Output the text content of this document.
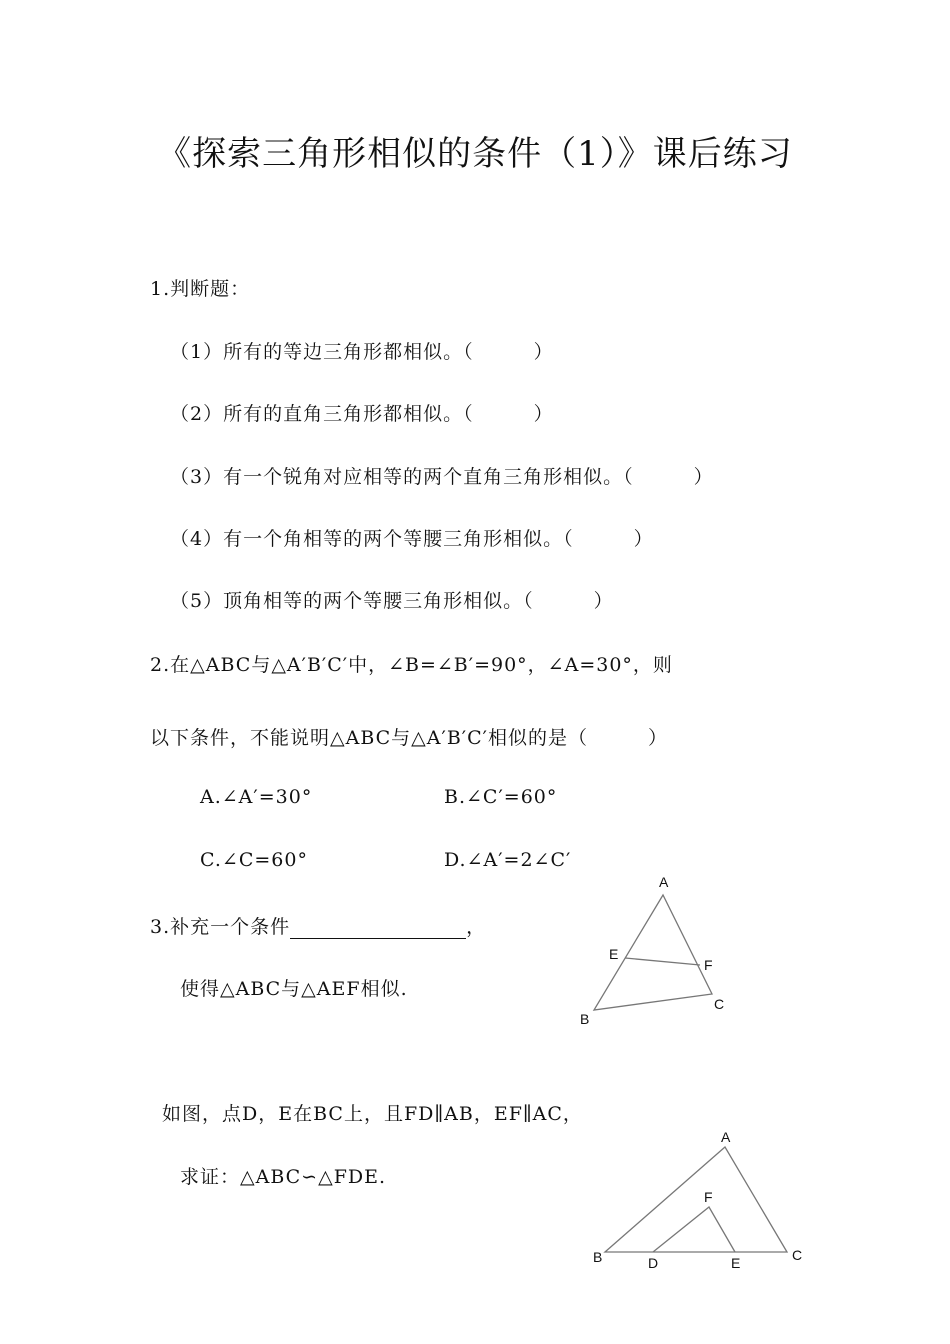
《探索三角形相似的条件（1）》课后练习
1.判断题：
（1）所有的等边三角形都相似。（　　　）
（2）所有的直角三角形都相似。（　　　）
（3）有一个锐角对应相等的两个直角三角形相似。（　　　）
（4）有一个角相等的两个等腰三角形相似。（　　　）
（5）顶角相等的两个等腰三角形相似。（　　　）
2.在△ABC与△A′B′C′中，∠B=∠B′=90°，∠A=30°，则
以下条件，不能说明△ABC与△A′B′C′相似的是（　　　）
A.∠A′=30°	B.∠C′=60°
C.∠C=60°	D.∠A′=2∠C′
3.补充一个条件	，
使得△ABC与△AEF相似.
A
E
F
C
B
如图，点D，E在BC上，且FD∥AB，EF∥AC，
求证：△ABC∽△FDE.
A
F
B	D	E	C
